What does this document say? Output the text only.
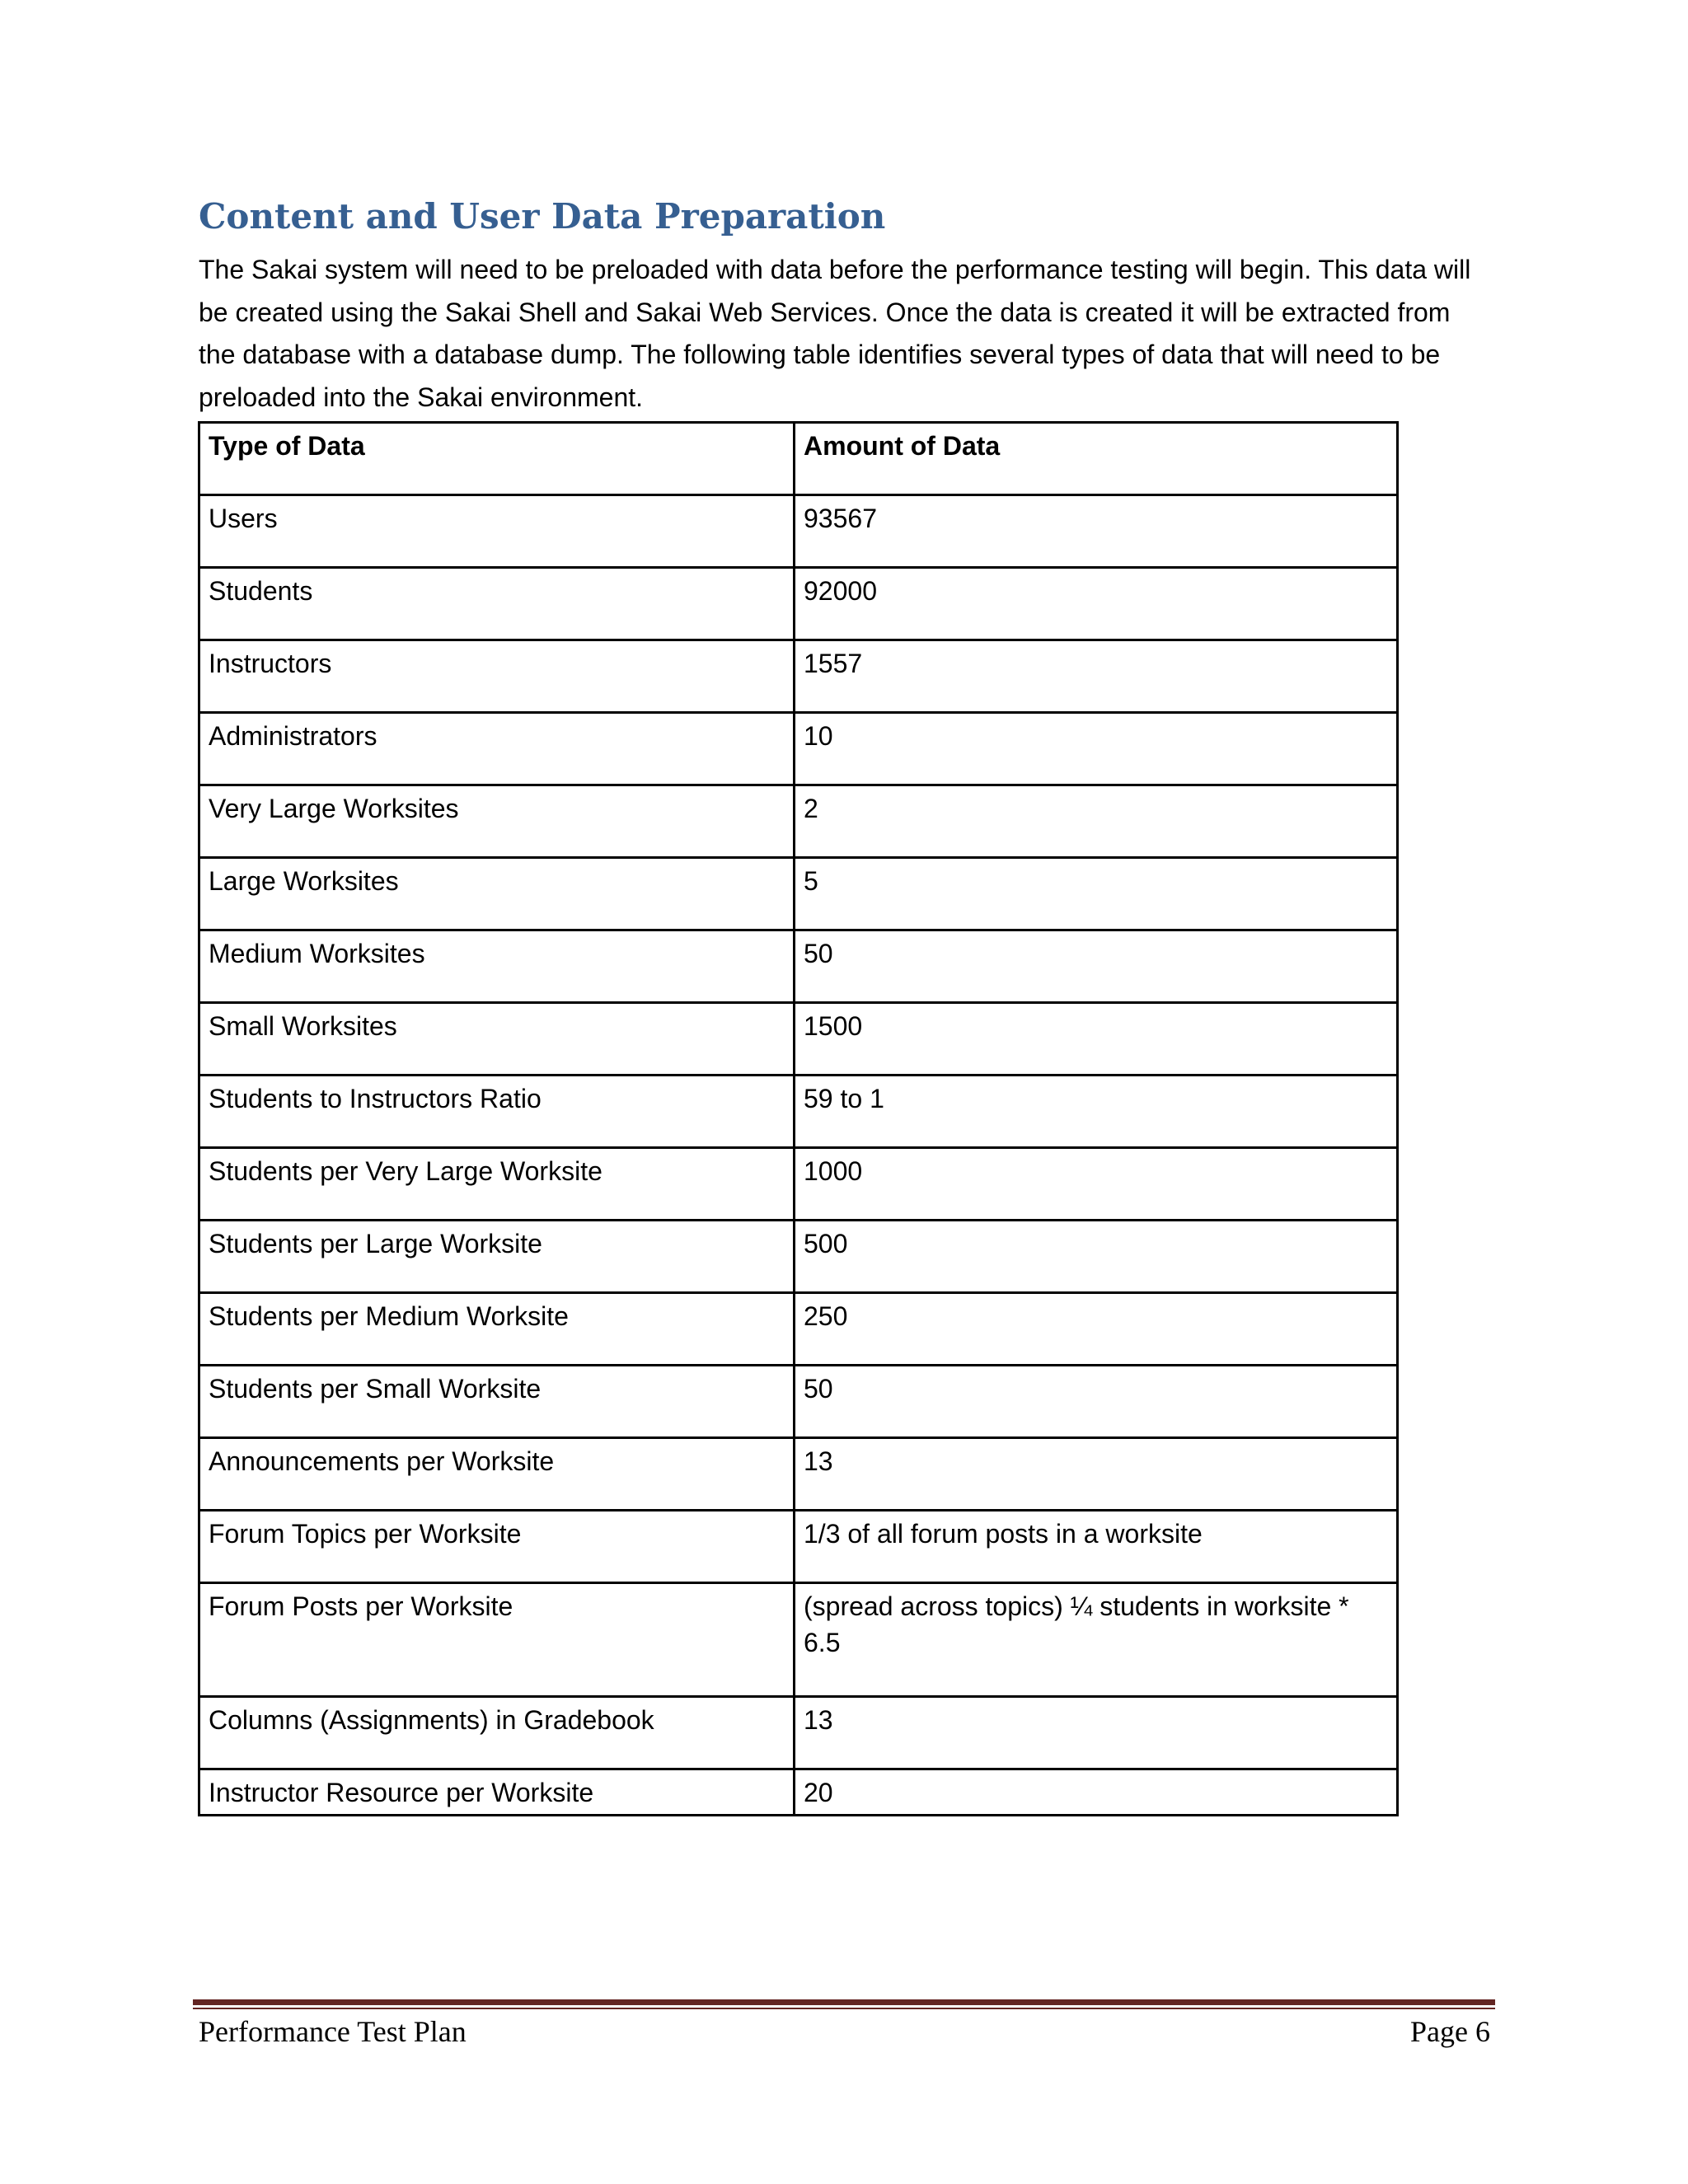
Content and User Data Preparation

The Sakai system will need to be preloaded with data before the performance testing will begin. This data will be created using the Sakai Shell and Sakai Web Services. Once the data is created it will be extracted from the database with a database dump. The following table identifies several types of data that will need to be preloaded into the Sakai environment.

Type of Data	Amount of Data
Users	93567
Students	92000
Instructors	1557
Administrators	10
Very Large Worksites	2
Large Worksites	5
Medium Worksites	50
Small Worksites	1500
Students to Instructors Ratio	59 to 1
Students per Very Large Worksite	1000
Students per Large Worksite	500
Students per Medium Worksite	250
Students per Small Worksite	50
Announcements per Worksite	13
Forum Topics per Worksite	1/3 of all forum posts in a worksite
Forum Posts per Worksite	(spread across topics) ¼ students in worksite * 6.5
Columns (Assignments) in Gradebook	13
Instructor Resource per Worksite	20
Performance Test Plan	Page 6
